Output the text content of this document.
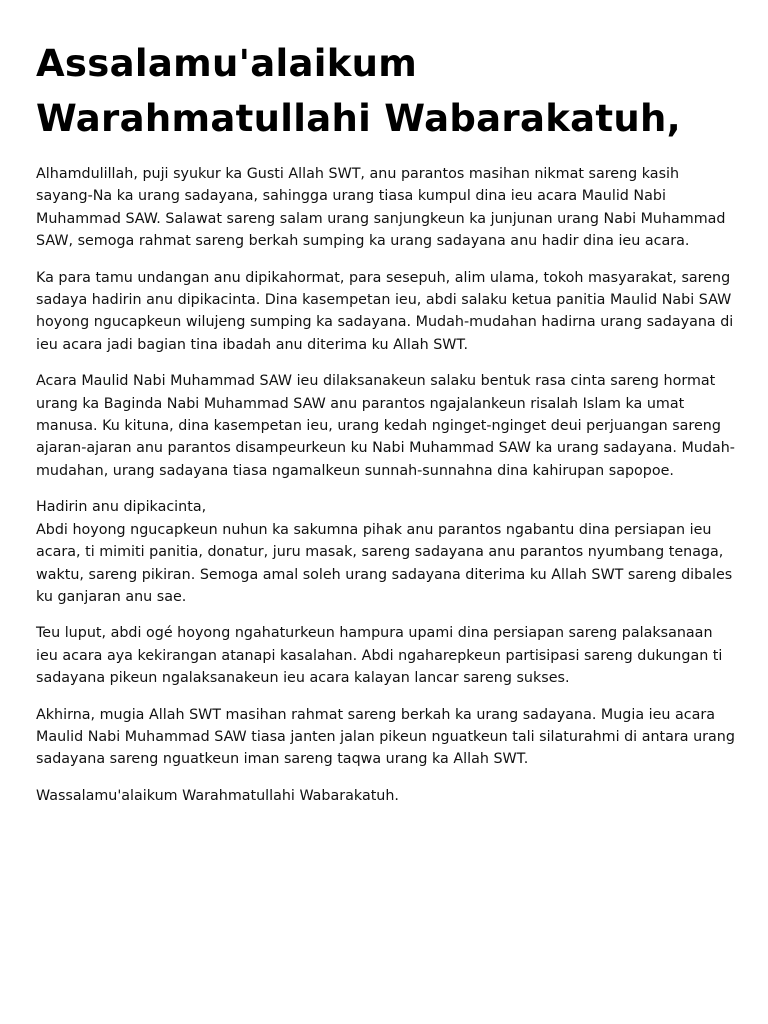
Assalamu'alaikum
Warahmatullahi Wabarakatuh,

Alhamdulillah, puji syukur ka Gusti Allah SWT, anu parantos masihan nikmat sareng kasih sayang-Na ka urang sadayana, sahingga urang tiasa kumpul dina ieu acara Maulid Nabi Muhammad SAW. Salawat sareng salam urang sanjungkeun ka junjunan urang Nabi Muhammad SAW, semoga rahmat sareng berkah sumping ka urang sadayana anu hadir dina ieu acara.

Ka para tamu undangan anu dipikahormat, para sesepuh, alim ulama, tokoh masyarakat, sareng sadaya hadirin anu dipikacinta. Dina kasempetan ieu, abdi salaku ketua panitia Maulid Nabi SAW hoyong ngucapkeun wilujeng sumping ka sadayana. Mudah-mudahan hadirna urang sadayana di ieu acara jadi bagian tina ibadah anu diterima ku Allah SWT.

Acara Maulid Nabi Muhammad SAW ieu dilaksanakeun salaku bentuk rasa cinta sareng hormat urang ka Baginda Nabi Muhammad SAW anu parantos ngajalankeun risalah Islam ka umat manusa. Ku kituna, dina kasempetan ieu, urang kedah nginget-nginget deui perjuangan sareng ajaran-ajaran anu parantos disampeurkeun ku Nabi Muhammad SAW ka urang sadayana. Mudah-mudahan, urang sadayana tiasa ngamalkeun sunnah-sunnahna dina kahirupan sapopoe.

Hadirin anu dipikacinta,
Abdi hoyong ngucapkeun nuhun ka sakumna pihak anu parantos ngabantu dina persiapan ieu acara, ti mimiti panitia, donatur, juru masak, sareng sadayana anu parantos nyumbang tenaga, waktu, sareng pikiran. Semoga amal soleh urang sadayana diterima ku Allah SWT sareng dibales ku ganjaran anu sae.

Teu luput, abdi ogé hoyong ngahaturkeun hampura upami dina persiapan sareng palaksanaan ieu acara aya kekirangan atanapi kasalahan. Abdi ngaharepkeun partisipasi sareng dukungan ti sadayana pikeun ngalaksanakeun ieu acara kalayan lancar sareng sukses.

Akhirna, mugia Allah SWT masihan rahmat sareng berkah ka urang sadayana. Mugia ieu acara Maulid Nabi Muhammad SAW tiasa janten jalan pikeun nguatkeun tali silaturahmi di antara urang sadayana sareng nguatkeun iman sareng taqwa urang ka Allah SWT.

Wassalamu'alaikum Warahmatullahi Wabarakatuh.
